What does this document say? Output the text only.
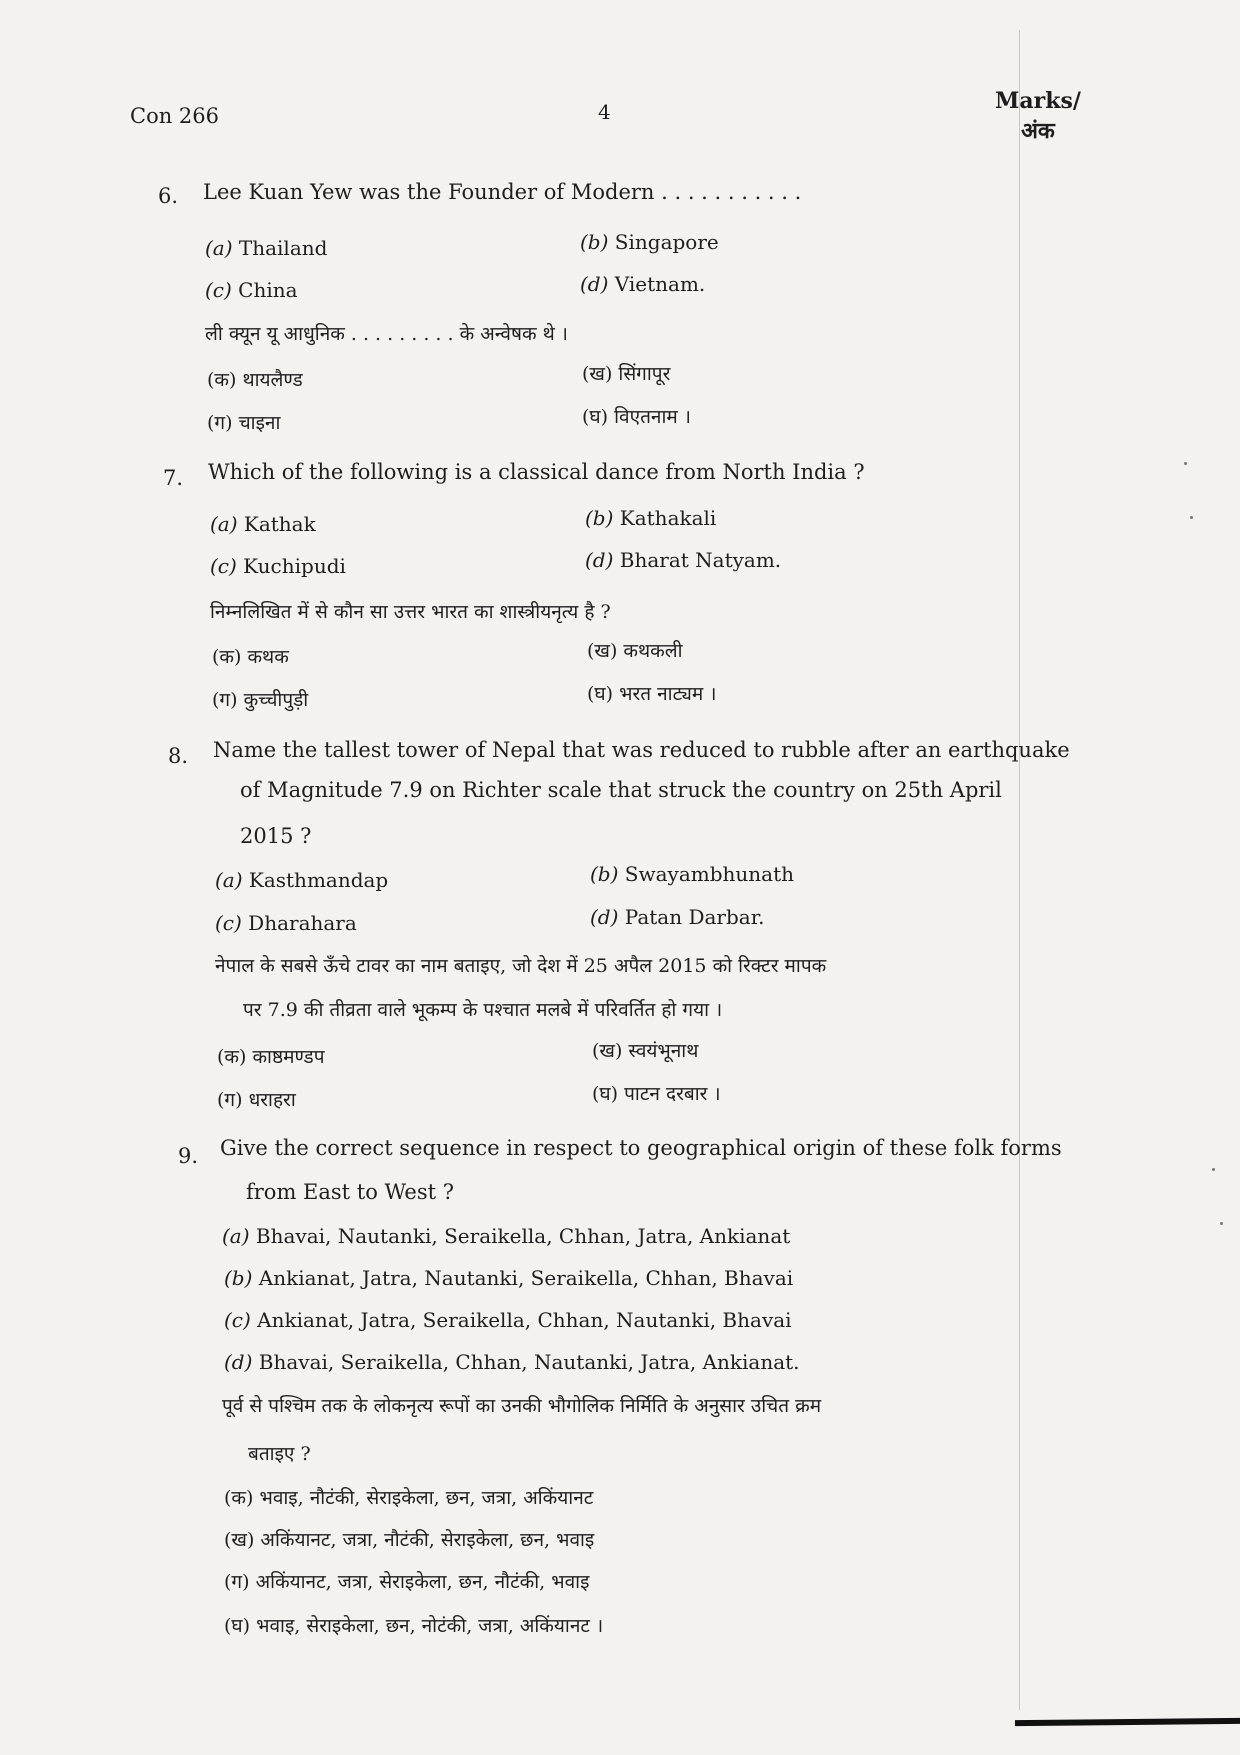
Con 266	4	Marks/
अंक
6. Lee Kuan Yew was the Founder of Modern . . . . . . . . . . .
(a) Thailand	(b) Singapore
(c) China	(d) Vietnam.
ली क्यून यू आधुनिक . . . . . . . . . के अन्वेषक थे ।
(क) थायलैण्ड	(ख) सिंगापूर
(ग) चाइना	(घ) विएतनाम ।
7. Which of the following is a classical dance from North India ?
(a) Kathak	(b) Kathakali
(c) Kuchipudi	(d) Bharat Natyam.
निम्नलिखित में से कौन सा उत्तर भारत का शास्त्रीयनृत्य है ?
(क) कथक	(ख) कथकली
(ग) कुच्चीपुड़ी	(घ) भरत नाट्यम ।
8. Name the tallest tower of Nepal that was reduced to rubble after an earthquake
of Magnitude 7.9 on Richter scale that struck the country on 25th April
2015 ?
(a) Kasthmandap	(b) Swayambhunath
(c) Dharahara	(d) Patan Darbar.
नेपाल के सबसे ऊँचे टावर का नाम बताइए, जो देश में 25 अपैल 2015 को रिक्टर मापक
पर 7.9 की तीव्रता वाले भूकम्प के पश्चात मलबे में परिवर्तित हो गया ।
(क) काष्ठमण्डप	(ख) स्वयंभूनाथ
(ग) धराहरा	(घ) पाटन दरबार ।
9. Give the correct sequence in respect to geographical origin of these folk forms
from East to West ?
(a) Bhavai, Nautanki, Seraikella, Chhan, Jatra, Ankianat
(b) Ankianat, Jatra, Nautanki, Seraikella, Chhan, Bhavai
(c) Ankianat, Jatra, Seraikella, Chhan, Nautanki, Bhavai
(d) Bhavai, Seraikella, Chhan, Nautanki, Jatra, Ankianat.
पूर्व से पश्चिम तक के लोकनृत्य रूपों का उनकी भौगोलिक निर्मिति के अनुसार उचित क्रम
बताइए ?
(क) भवाइ, नौटंकी, सेराइकेला, छन, जत्रा, अकिंयानट
(ख) अकिंयानट, जत्रा, नौटंकी, सेराइकेला, छन, भवाइ
(ग) अकिंयानट, जत्रा, सेराइकेला, छन, नौटंकी, भवाइ
(घ) भवाइ, सेराइकेला, छन, नोटंकी, जत्रा, अकिंयानट ।
